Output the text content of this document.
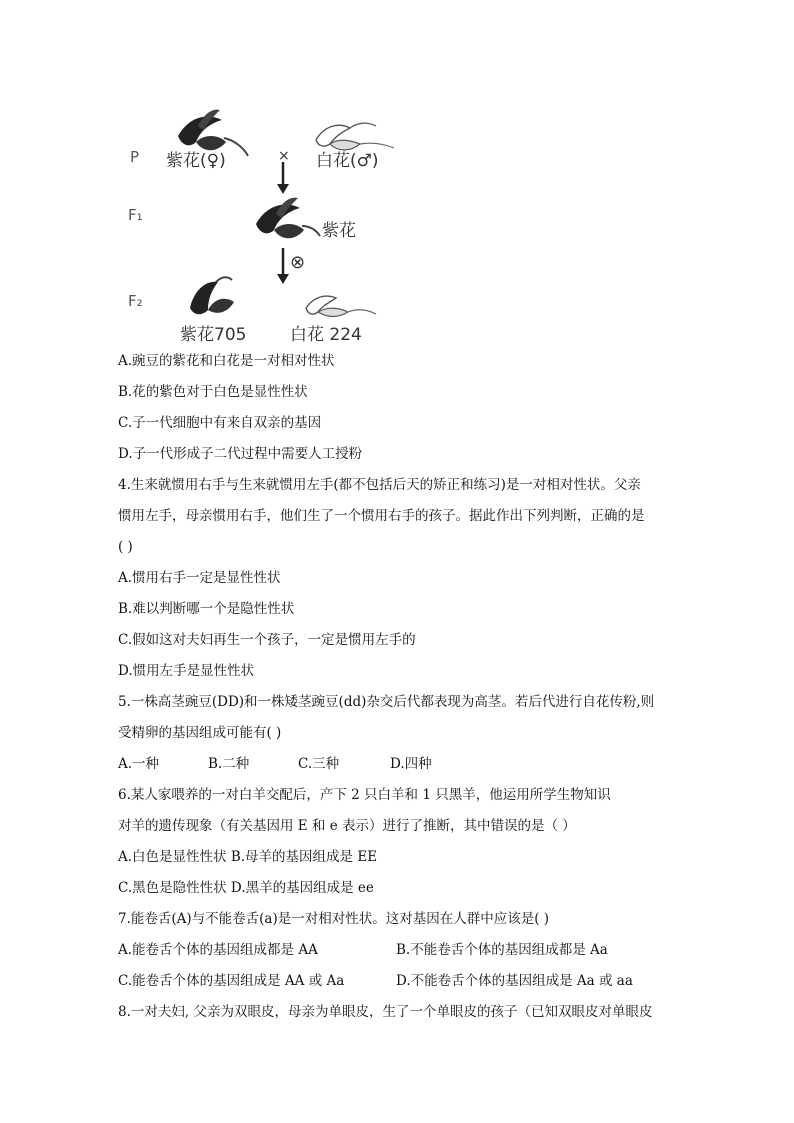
P 紫花(♀)	× 白花(♂)
F₁
紫花
⊗
F₂
紫花705	白花 224
A.豌豆的紫花和白花是一对相对性状
B.花的紫色对于白色是显性性状
C.子一代细胞中有来自双亲的基因
D.子一代形成子二代过程中需要人工授粉
4.生来就惯用右手与生来就惯用左手(都不包括后天的矫正和练习)是一对相对性状。父亲
惯用左手，母亲惯用右手，他们生了一个惯用右手的孩子。据此作出下列判断，正确的是
( )
A.惯用右手一定是显性性状
B.难以判断哪一个是隐性性状
C.假如这对夫妇再生一个孩子，一定是惯用左手的
D.惯用左手是显性性状
5.一株高茎豌豆(DD)和一株矮茎豌豆(dd)杂交后代都表现为高茎。若后代进行自花传粉,则
受精卵的基因组成可能有( )
A.一种	B.二种	C.三种	D.四种
6.某人家喂养的一对白羊交配后，产下 2 只白羊和 1 只黑羊，他运用所学生物知识
对羊的遗传现象（有关基因用 E 和 e 表示）进行了推断，其中错误的是（ ）
A.白色是显性性状 B.母羊的基因组成是 EE
C.黑色是隐性性状 D.黑羊的基因组成是 ee
7.能卷舌(A)与不能卷舌(a)是一对相对性状。这对基因在人群中应该是( )
A.能卷舌个体的基因组成都是 AA	B.不能卷舌个体的基因组成都是 Aa
C.能卷舌个体的基因组成是 AA 或 Aa	D.不能卷舌个体的基因组成是 Aa 或 aa
8.一对夫妇, 父亲为双眼皮，母亲为单眼皮，生了一个单眼皮的孩子（已知双眼皮对单眼皮
